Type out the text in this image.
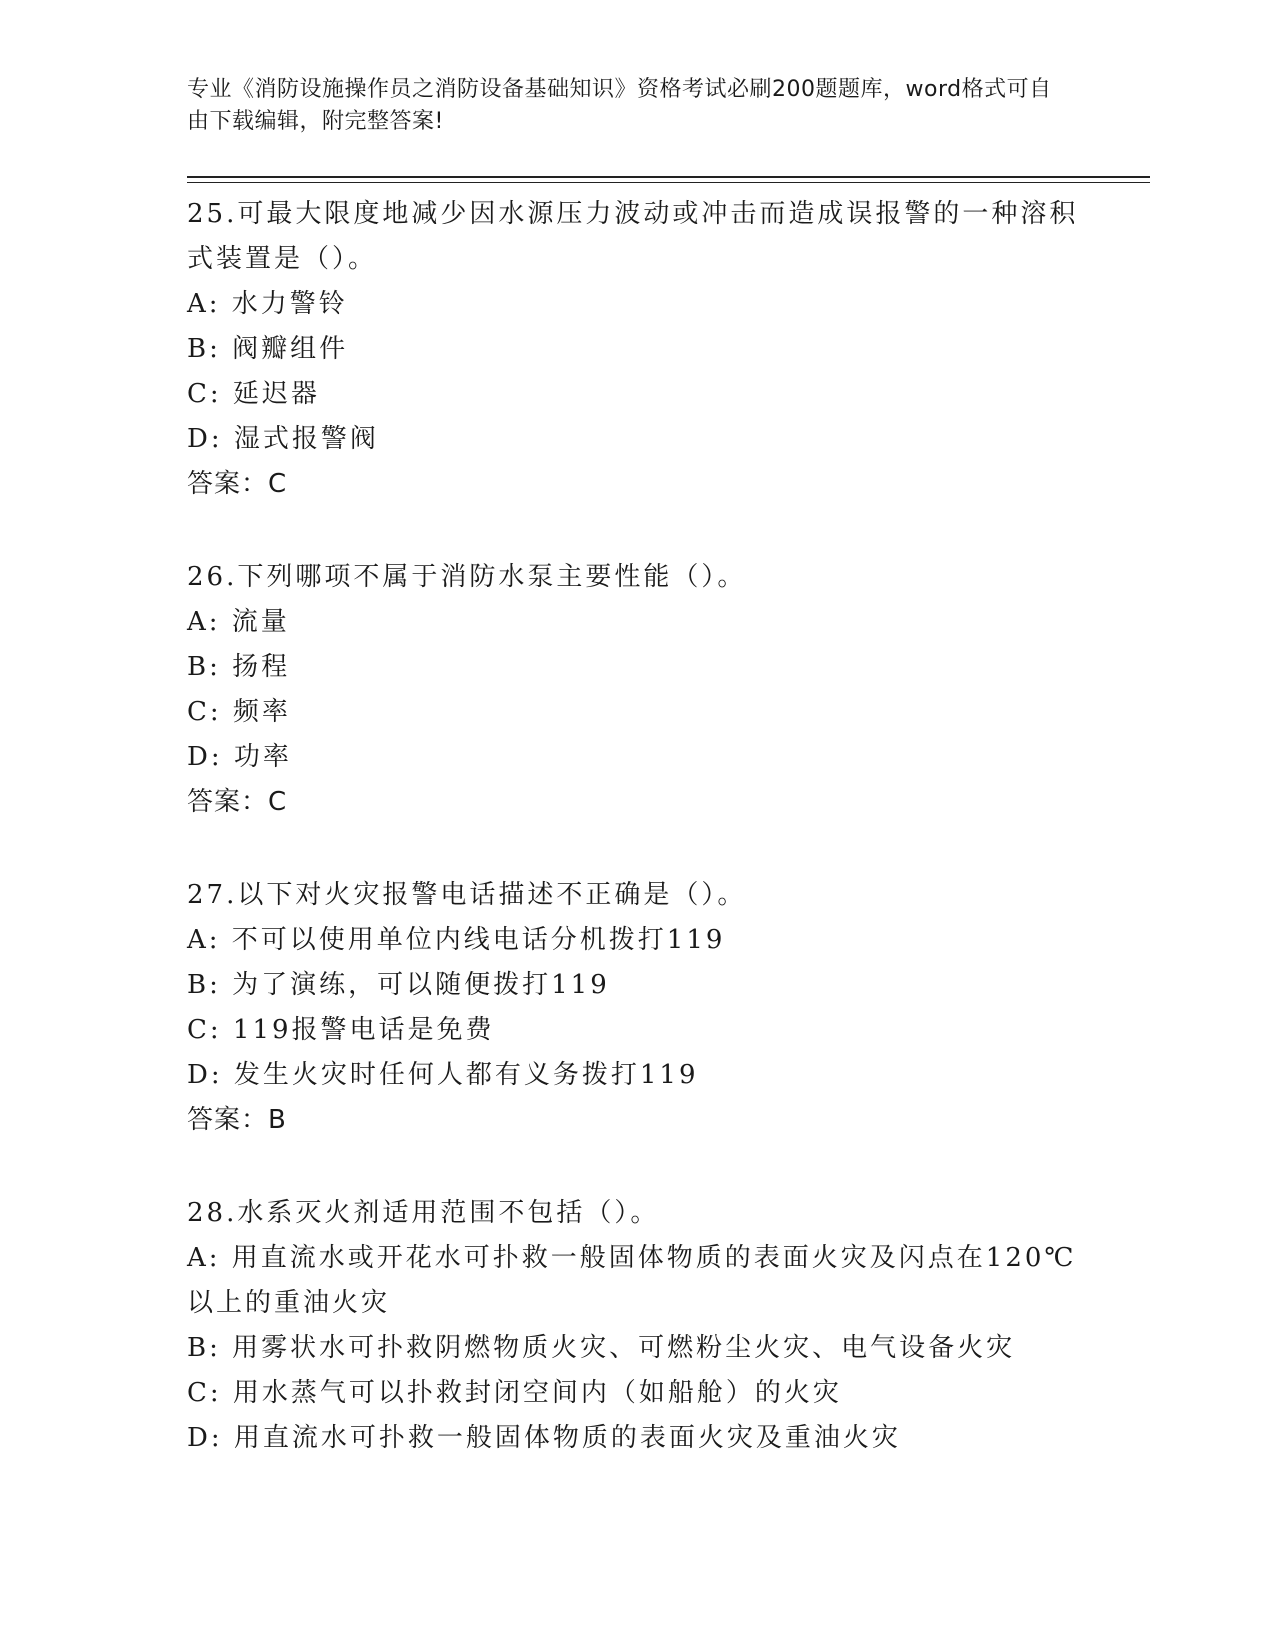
专业《消防设施操作员之消防设备基础知识》资格考试必刷200题题库，word格式可自由下载编辑，附完整答案!

25.可最大限度地减少因水源压力波动或冲击而造成误报警的一种溶积式装置是（）。

A: 水力警铃

B: 阀瓣组件

C: 延迟器

D: 湿式报警阀

答案：C

26.下列哪项不属于消防水泵主要性能（）。

A: 流量

B: 扬程

C: 频率

D: 功率

答案：C

27.以下对火灾报警电话描述不正确是（）。

A: 不可以使用单位内线电话分机拨打119

B: 为了演练，可以随便拨打119

C: 119报警电话是免费

D: 发生火灾时任何人都有义务拨打119

答案：B

28.水系灭火剂适用范围不包括（）。

A: 用直流水或开花水可扑救一般固体物质的表面火灾及闪点在120℃以上的重油火灾

B: 用雾状水可扑救阴燃物质火灾、可燃粉尘火灾、电气设备火灾

C: 用水蒸气可以扑救封闭空间内（如船舱）的火灾

D: 用直流水可扑救一般固体物质的表面火灾及重油火灾
